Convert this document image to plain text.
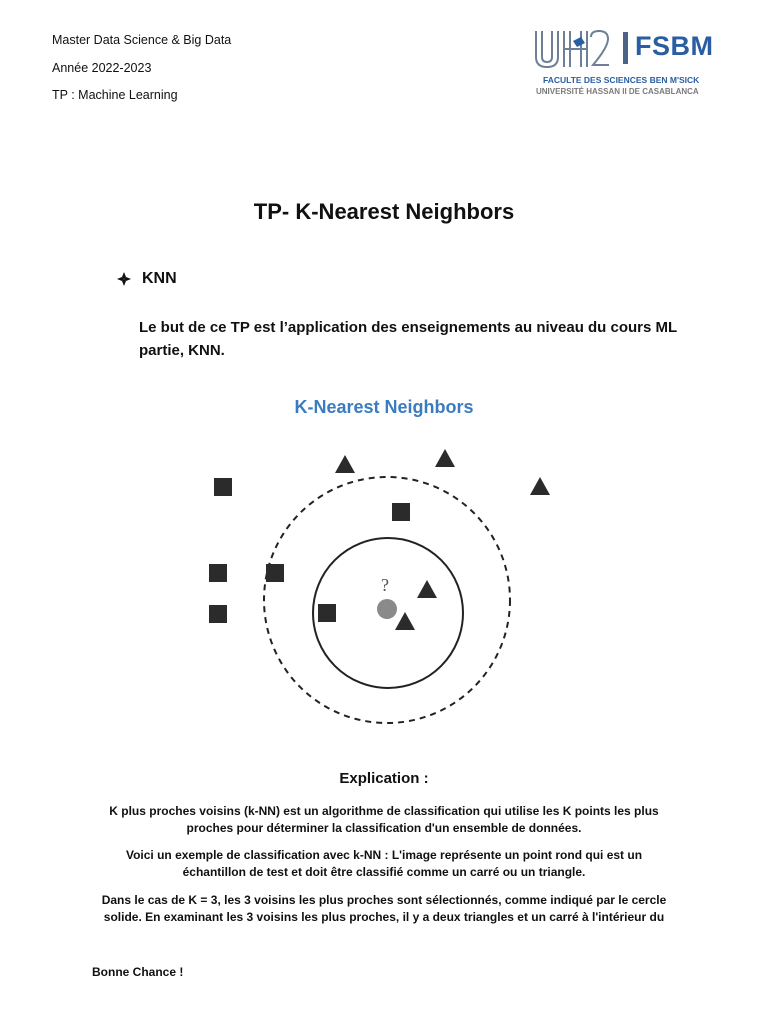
Master Data Science & Big Data
Année 2022-2023
TP : Machine Learning
FSBM
FACULTE DES SCIENCES BEN M'SICK
UNIVERSITÉ HASSAN II DE CASABLANCA
TP- K-Nearest Neighbors
KNN
Le but de ce TP est l’application des enseignements au niveau du cours ML partie, KNN.
K-Nearest Neighbors
?
Explication :
K plus proches voisins (k-NN) est un algorithme de classification qui utilise les K points les plus proches pour déterminer la classification d'un ensemble de données.
Voici un exemple de classification avec k-NN : L'image représente un point rond qui est un échantillon de test et doit être classifié comme un carré ou un triangle.
Dans le cas de K = 3, les 3 voisins les plus proches sont sélectionnés, comme indiqué par le cercle solide. En examinant les 3 voisins les plus proches, il y a deux triangles et un carré à l'intérieur du
Bonne Chance !
